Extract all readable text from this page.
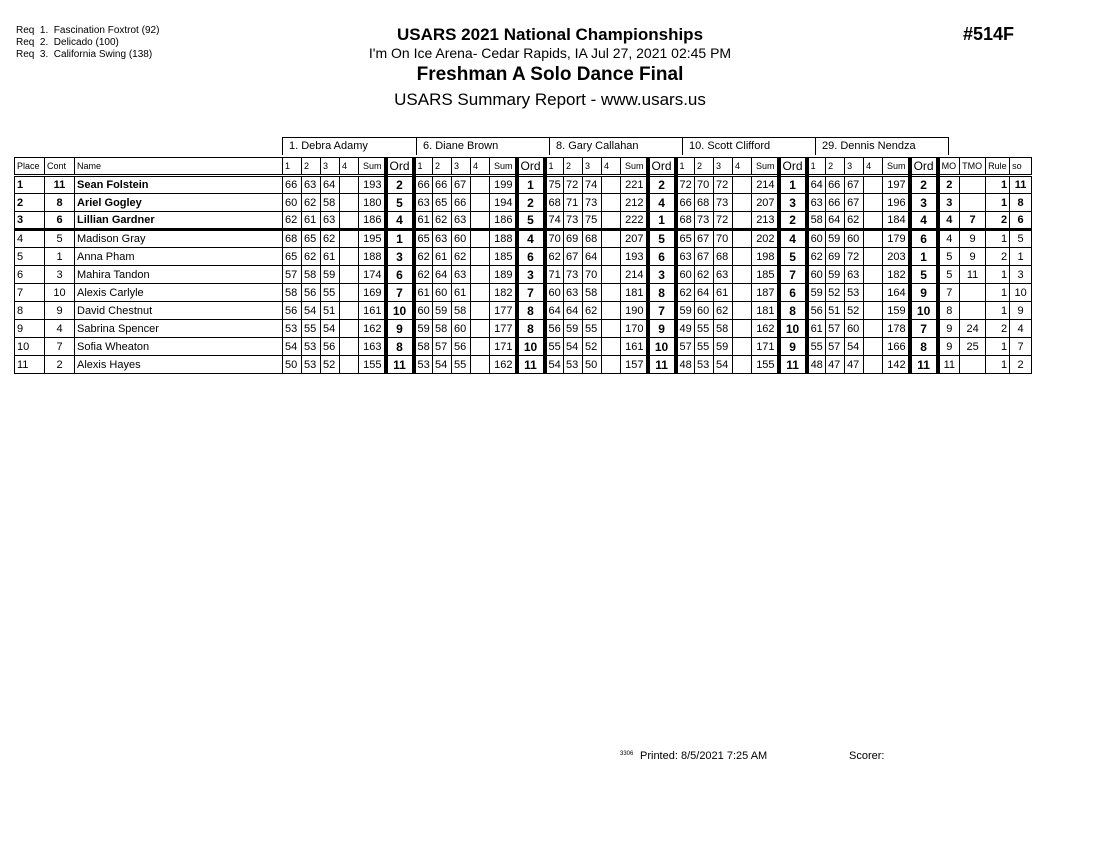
Req  1.  Fascination Foxtrot (92)
Req  2.  Delicado (100)
Req  3.  California Swing (138)
USARS 2021 National Championships
I'm On Ice Arena- Cedar Rapids, IA Jul 27, 2021 02:45 PM
Freshman A Solo Dance Final
USARS Summary Report - www.usars.us
#514F
1. Debra Adamy	6. Diane Brown	8. Gary Callahan	10. Scott Clifford	29. Dennis Nendza
Place	Cont	Name	1	2	3	4	Sum	Ord	1	2	3	4	Sum	Ord	1	2	3	4	Sum	Ord	1	2	3	4	Sum	Ord	1	2	3	4	Sum	Ord	MO	TMO	Rule	so
1	11	Sean Folstein	66	63	64		193	2	66	66	67		199	1	75	72	74		221	2	72	70	72		214	1	64	66	67		197	2	2		1	11
2	8	Ariel Gogley	60	62	58		180	5	63	65	66		194	2	68	71	73		212	4	66	68	73		207	3	63	66	67		196	3	3		1	8
3	6	Lillian Gardner	62	61	63		186	4	61	62	63		186	5	74	73	75		222	1	68	73	72		213	2	58	64	62		184	4	4	7	2	6
4	5	Madison Gray	68	65	62		195	1	65	63	60		188	4	70	69	68		207	5	65	67	70		202	4	60	59	60		179	6	4	9	1	5
5	1	Anna Pham	65	62	61		188	3	62	61	62		185	6	62	67	64		193	6	63	67	68		198	5	62	69	72		203	1	5	9	2	1
6	3	Mahira Tandon	57	58	59		174	6	62	64	63		189	3	71	73	70		214	3	60	62	63		185	7	60	59	63		182	5	5	11	1	3
7	10	Alexis Carlyle	58	56	55		169	7	61	60	61		182	7	60	63	58		181	8	62	64	61		187	6	59	52	53		164	9	7		1	10
8	9	David Chestnut	56	54	51		161	10	60	59	58		177	8	64	64	62		190	7	59	60	62		181	8	56	51	52		159	10	8		1	9
9	4	Sabrina Spencer	53	55	54		162	9	59	58	60		177	8	56	59	55		170	9	49	55	58		162	10	61	57	60		178	7	9	24	2	4
10	7	Sofia Wheaton	54	53	56		163	8	58	57	56		171	10	55	54	52		161	10	57	55	59		171	9	55	57	54		166	8	9	25	1	7
11	2	Alexis Hayes	50	53	52		155	11	53	54	55		162	11	54	53	50		157	11	48	53	54		155	11	48	47	47		142	11	11		1	2
3306 Printed: 8/5/2021 7:25 AM	Scorer:
